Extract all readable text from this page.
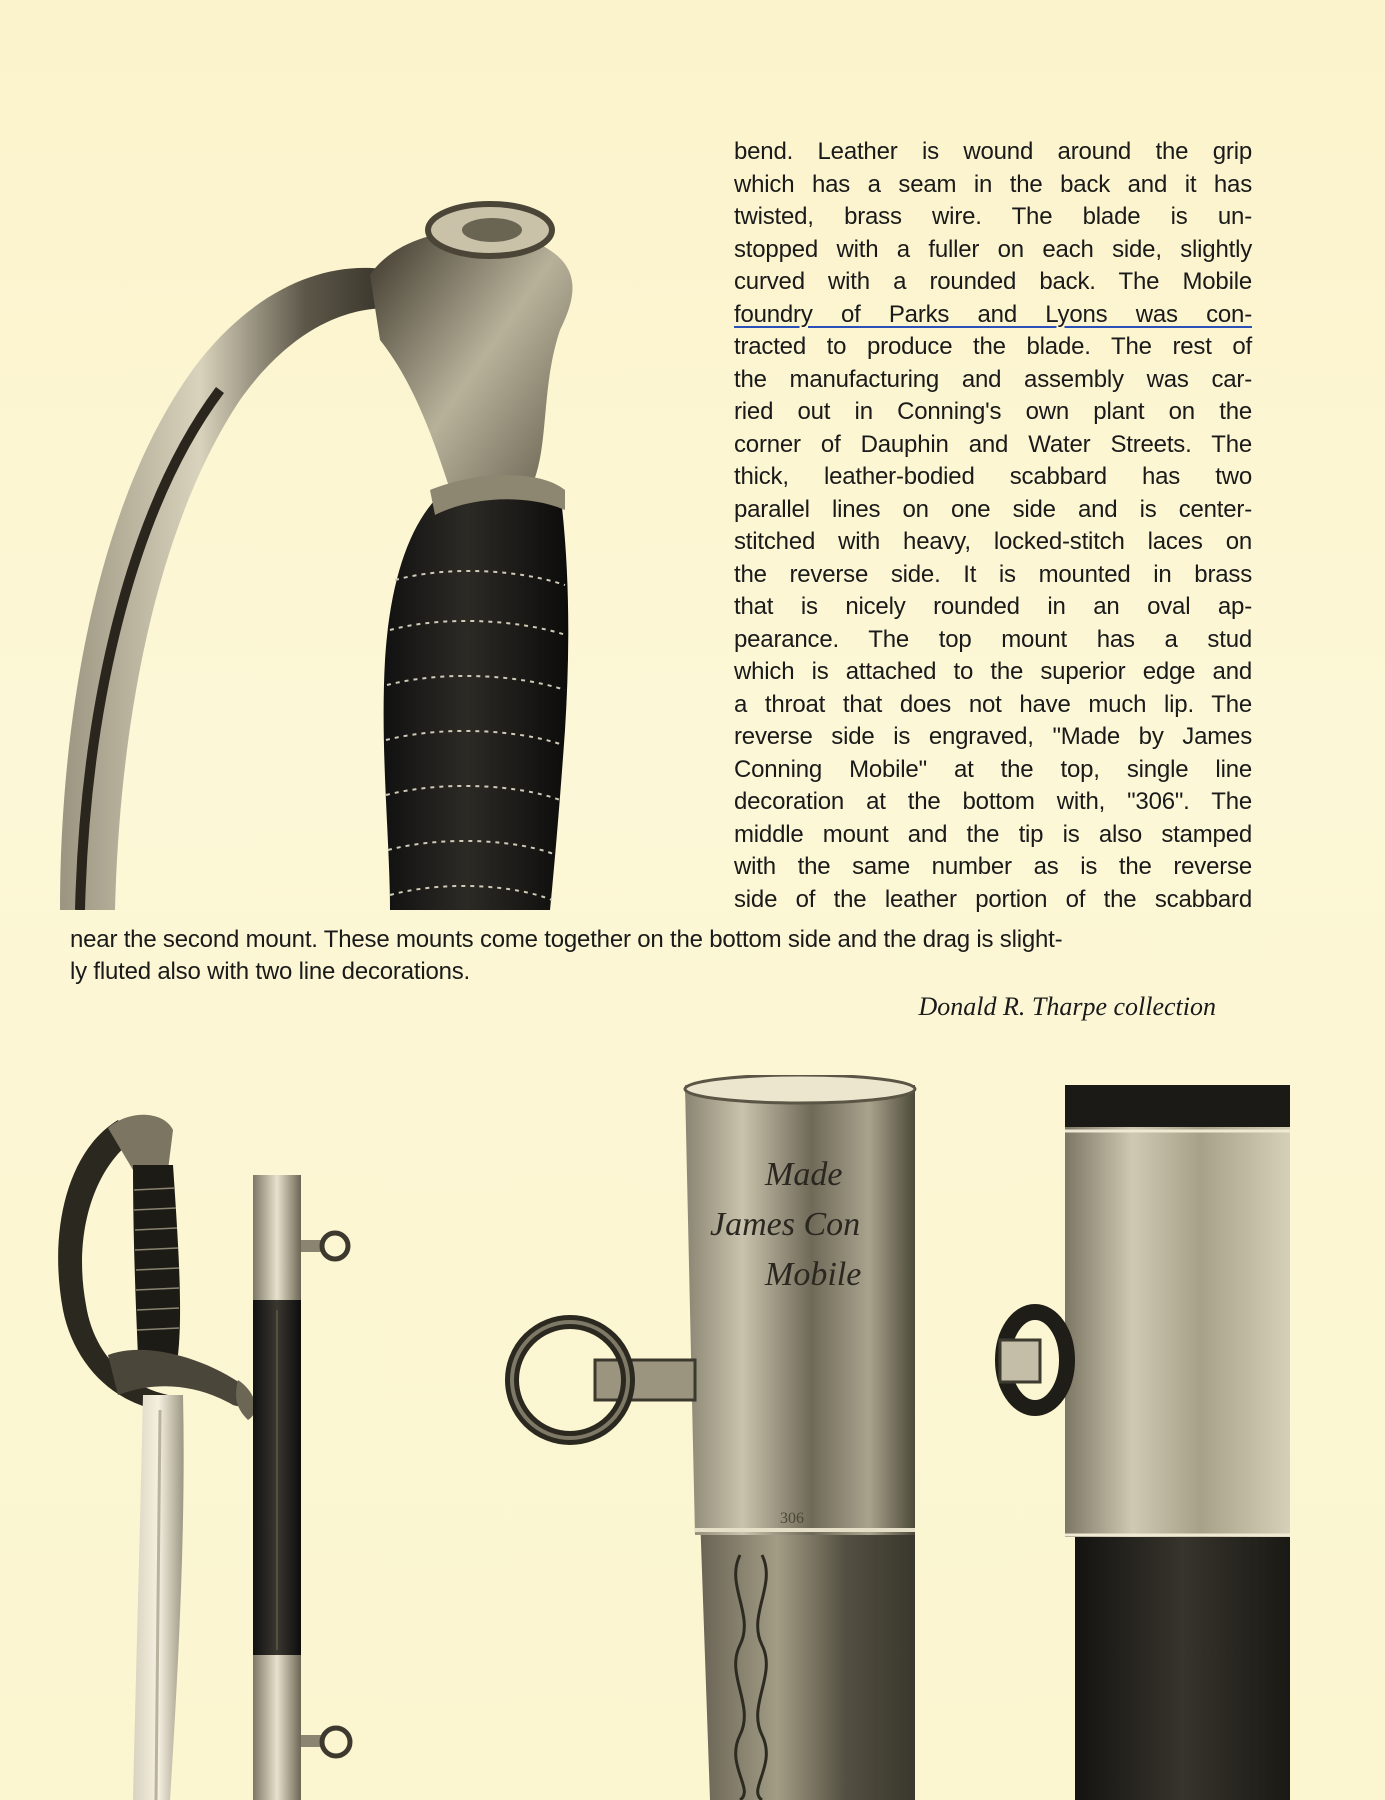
bend. Leather is wound around the grip
which has a seam in the back and it has
twisted, brass wire. The blade is un-
stopped with a fuller on each side, slightly
curved with a rounded back. The Mobile
foundry of Parks and Lyons was con-
tracted to produce the blade. The rest of
the manufacturing and assembly was car-
ried out in Conning's own plant on the
corner of Dauphin and Water Streets. The
thick, leather-bodied scabbard has two
parallel lines on one side and is center-
stitched with heavy, locked-stitch laces on
the reverse side. It is mounted in brass
that is nicely rounded in an oval ap-
pearance. The top mount has a stud
which is attached to the superior edge and
a throat that does not have much lip. The
reverse side is engraved, "Made by James
Conning Mobile" at the top, single line
decoration at the bottom with, "306". The
middle mount and the tip is also stamped
with the same number as is the reverse
side of the leather portion of the scabbard
near the second mount. These mounts come together on the bottom side and the drag is slight-
ly fluted also with two line decorations.
Donald R. Tharpe collection
Made
James Con
Mobile
306
